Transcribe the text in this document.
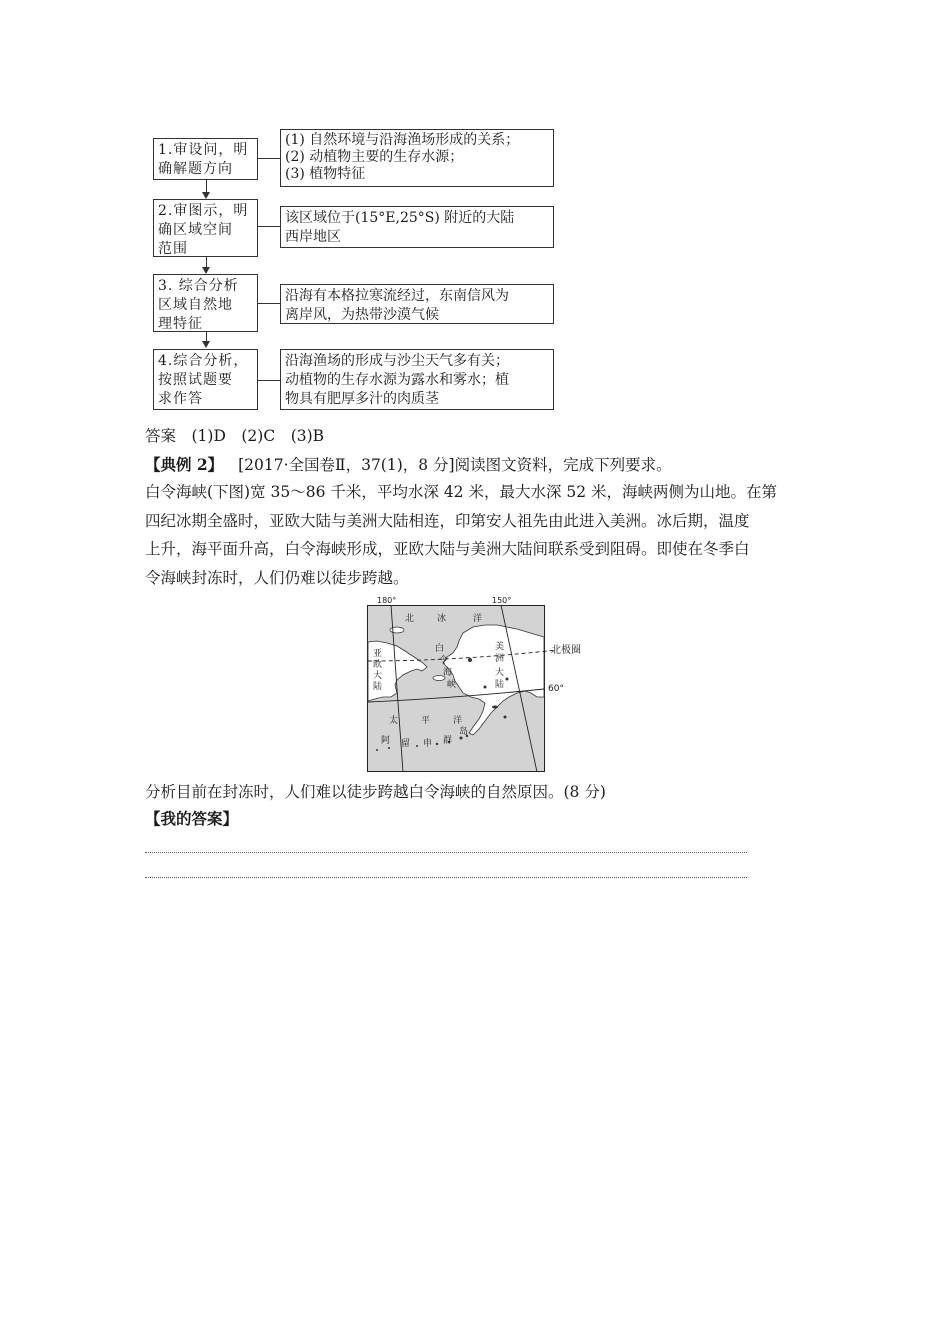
1.审设问，明
确解题方向
(1) 自然环境与沿海渔场形成的关系；
(2) 动植物主要的生存水源；
(3) 植物特征
2.审图示，明
确区域空间
范围
该区域位于(15°E,25°S) 附近的大陆
西岸地区
3. 综合分析
区域自然地
理特征
沿海有本格拉寒流经过，东南信风为
离岸风，为热带沙漠气候
4.综合分析，
按照试题要
求作答
沿海渔场的形成与沙尘天气多有关；
动植物的生存水源为露水和雾水；植
物具有肥厚多汁的肉质茎
答案　(1)D　(2)C　(3)B
【典例 2】 [2017·全国卷Ⅱ，37(1)，8 分]阅读图文资料，完成下列要求。
白令海峡(下图)宽 35～86 千米，平均水深 42 米，最大水深 52 米，海峡两侧为山地。在第
四纪冰期全盛时，亚欧大陆与美洲大陆相连，印第安人祖先由此进入美洲。冰后期，温度
上升，海平面升高，白令海峡形成，亚欧大陆与美洲大陆间联系受到阻碍。即使在冬季白
令海峡封冻时，人们仍难以徒步跨越。
180°	150°
北	冰	洋
亚
欧
大
陆
白
令
海
峡
美
洲
大
陆
太	平	洋
阿 留 申 群
岛
北极圈
60°
分析目前在封冻时，人们难以徒步跨越白令海峡的自然原因。(8 分)
【我的答案】
